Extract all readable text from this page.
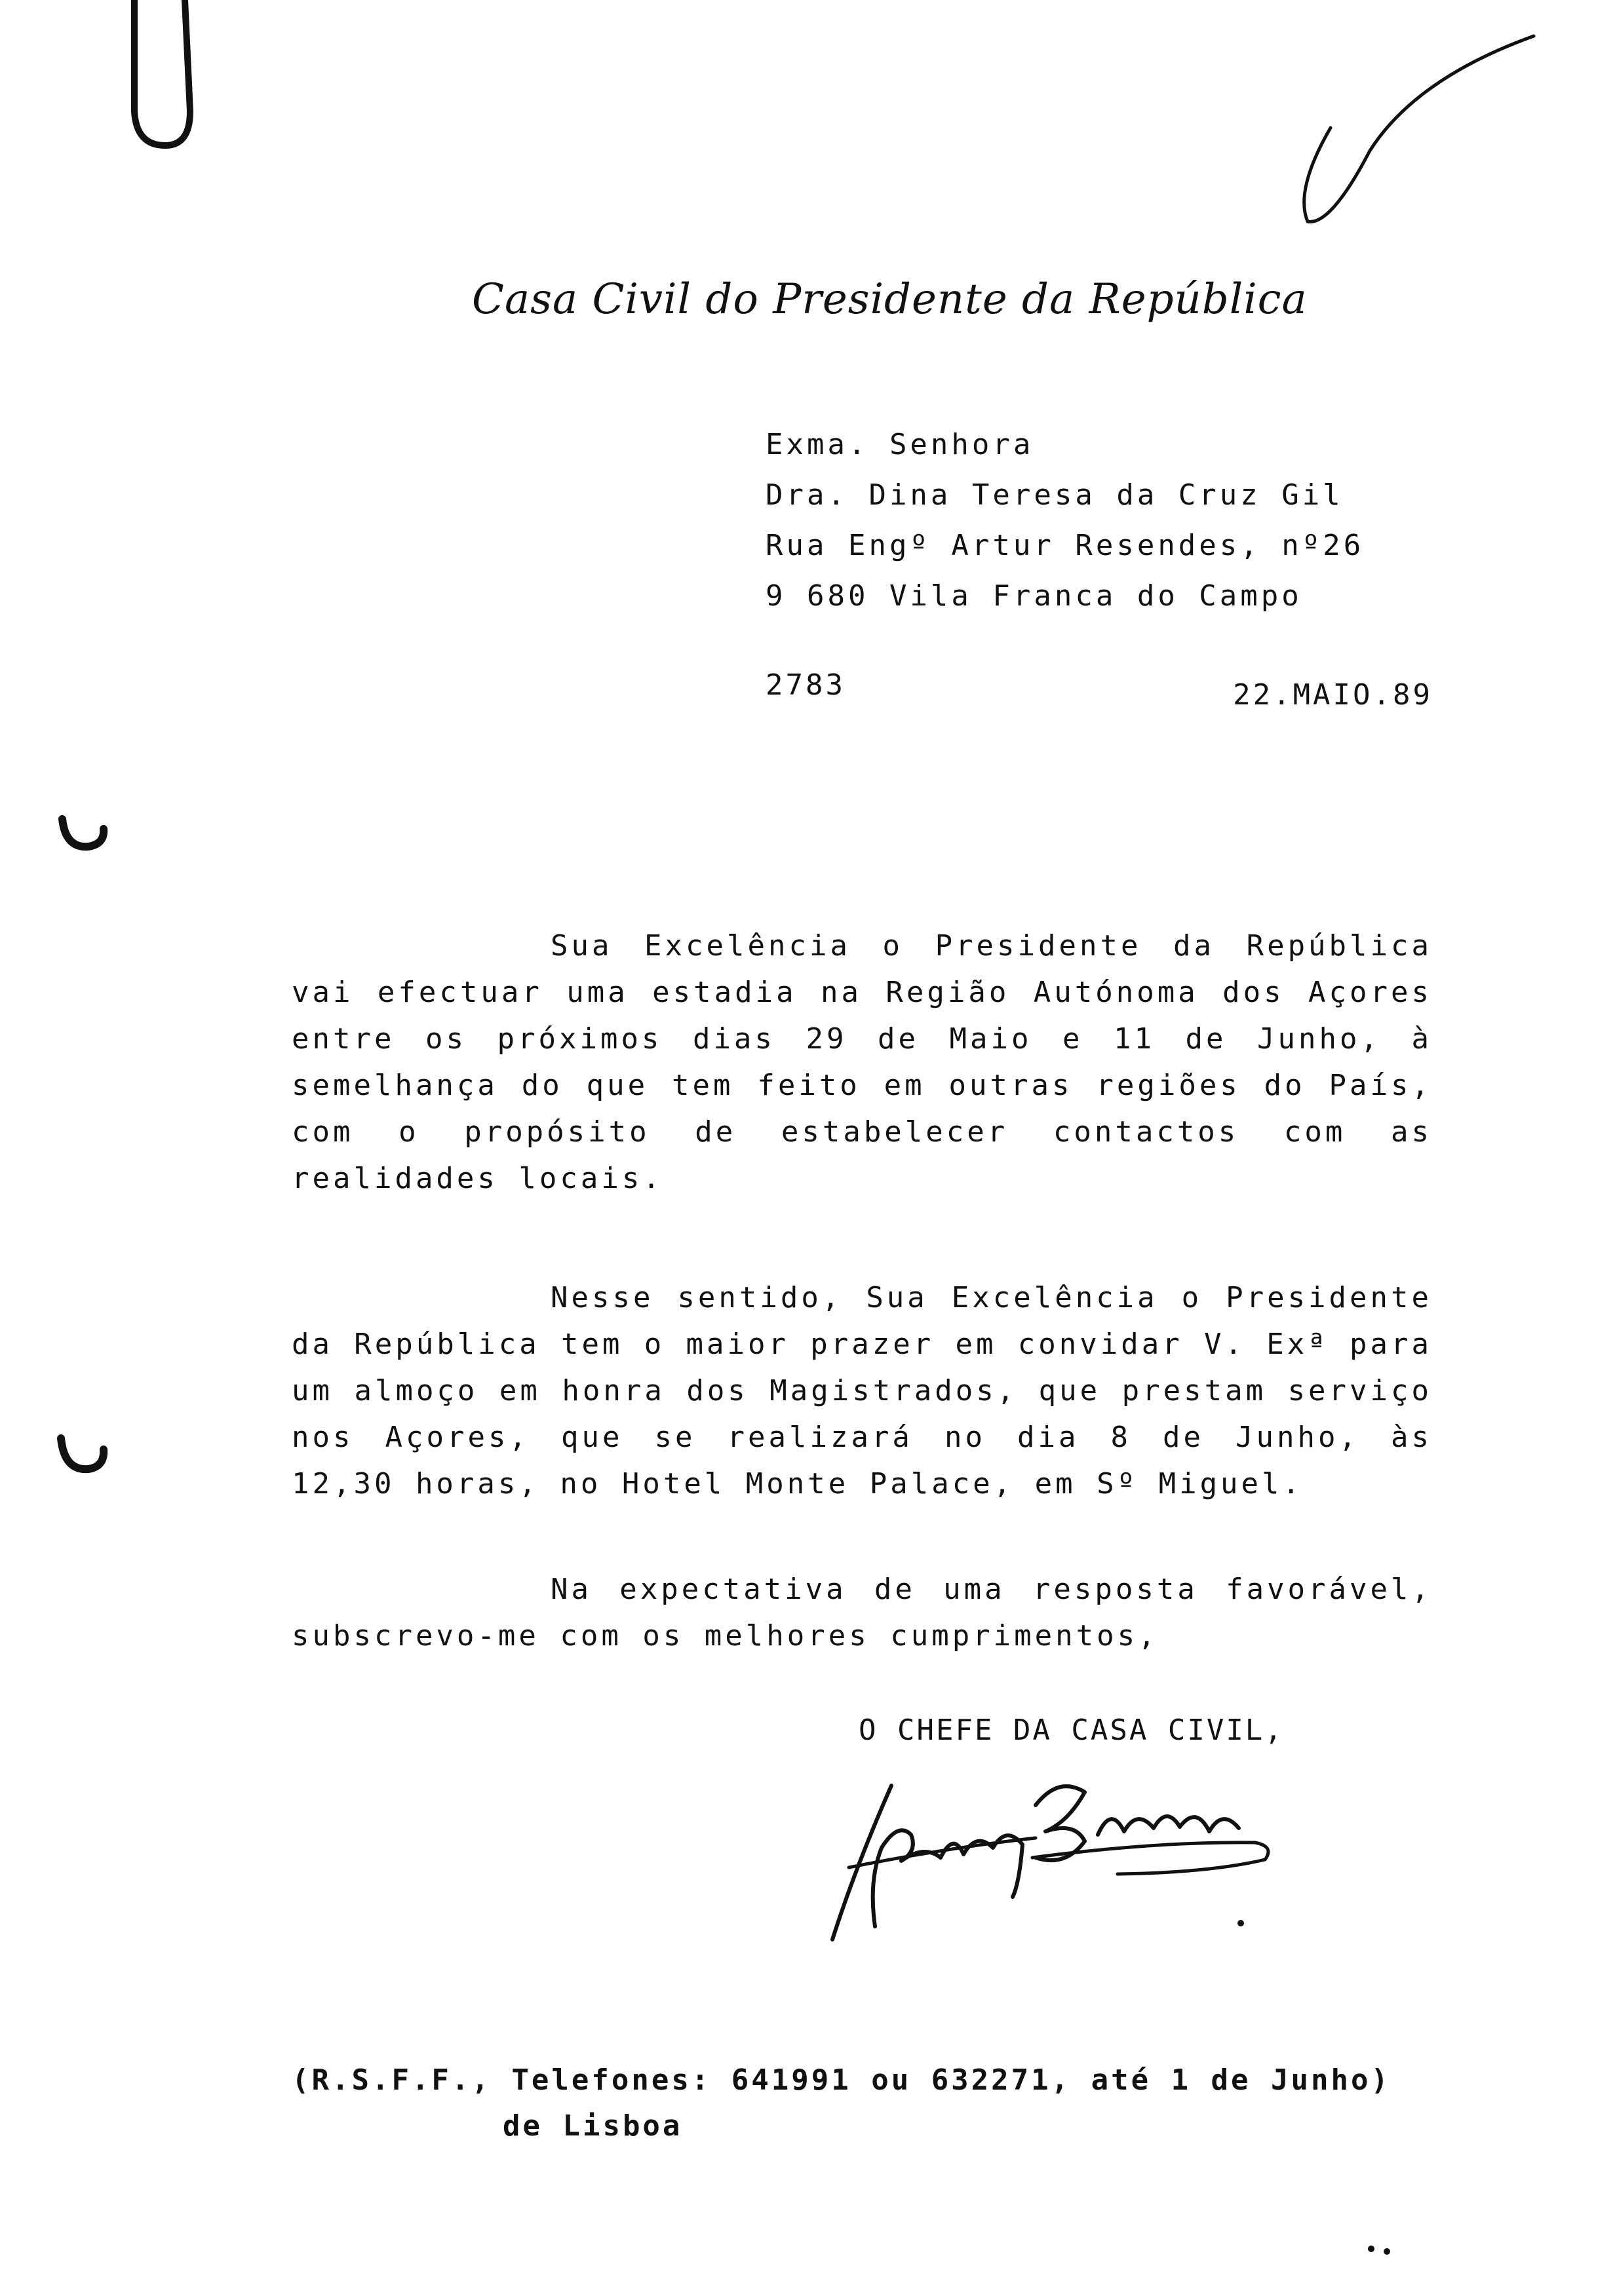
Casa Civil do Presidente da República
Exma. Senhora
Dra. Dina Teresa da Cruz Gil
Rua Engº Artur Resendes, nº26
9 680 Vila Franca do Campo
2783	22.MAIO.89

Sua Excelência o Presidente da República vai efectuar uma estadia na Região Autónoma dos Açores entre os próximos dias 29 de Maio e 11 de Junho, à semelhança do que tem feito em outras regiões do País, com o propósito de estabelecer contactos com as realidades locais.

Nesse sentido, Sua Excelência o Presidente da República tem o maior prazer em convidar V. Exª para um almoço em honra dos Magistrados, que prestam serviço nos Açores, que se realizará no dia 8 de Junho, às 12,30 horas, no Hotel Monte Palace, em Sº Miguel.

Na expectativa de uma resposta favorável, subscrevo-me com os melhores cumprimentos,

O CHEFE DA CASA CIVIL,
(R.S.F.F., Telefones: 641991 ou 632271, até 1 de Junho)
de Lisboa
